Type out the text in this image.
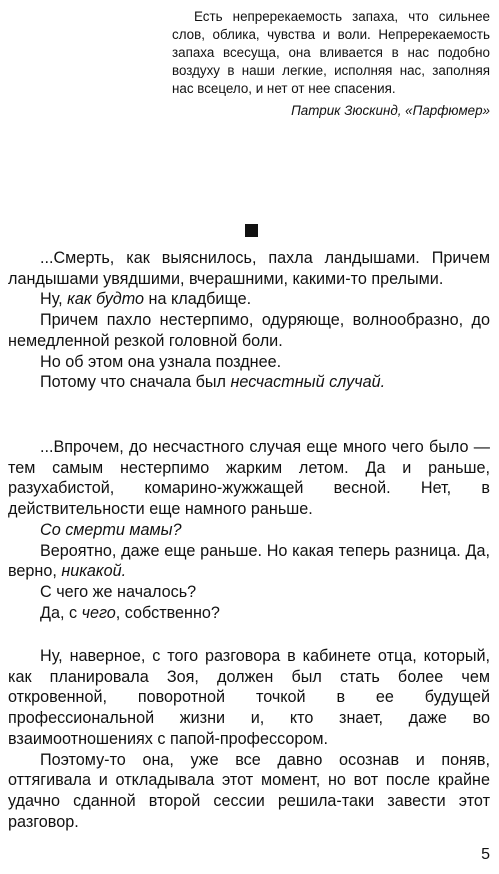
Есть непререкаемость запаха, что сильнее слов, облика, чувства и воли. Непререкаемость запаха всесуща, она вливается в нас подобно воздуху в наши легкие, исполняя нас, заполняя нас всецело, и нет от нее спасения.

Патрик Зюскинд, «Парфюмер»

...Смерть, как выяснилось, пахла ландышами. Причем ландышами увядшими, вчерашними, какими-то прелыми.

Ну, как будто на кладбище.

Причем пахло нестерпимо, одуряюще, волнообразно, до немедленной резкой головной боли.

Но об этом она узнала позднее.

Потому что сначала был несчастный случай.

...Впрочем, до несчастного случая еще много чего было — тем самым нестерпимо жарким летом. Да и раньше, разухабистой, комарино-жужжащей весной. Нет, в действительности еще намного раньше.

Со смерти мамы?

Вероятно, даже еще раньше. Но какая теперь разница. Да, верно, никакой.

С чего же началось?

Да, с чего, собственно?

Ну, наверное, с того разговора в кабинете отца, который, как планировала Зоя, должен был стать более чем откровенной, поворотной точкой в ее будущей профессиональной жизни и, кто знает, даже во взаимоотношениях с папой-профессором.

Поэтому-то она, уже все давно осознав и поняв, оттягивала и откладывала этот момент, но вот после крайне удачно сданной второй сессии решила-таки завести этот разговор.

5
